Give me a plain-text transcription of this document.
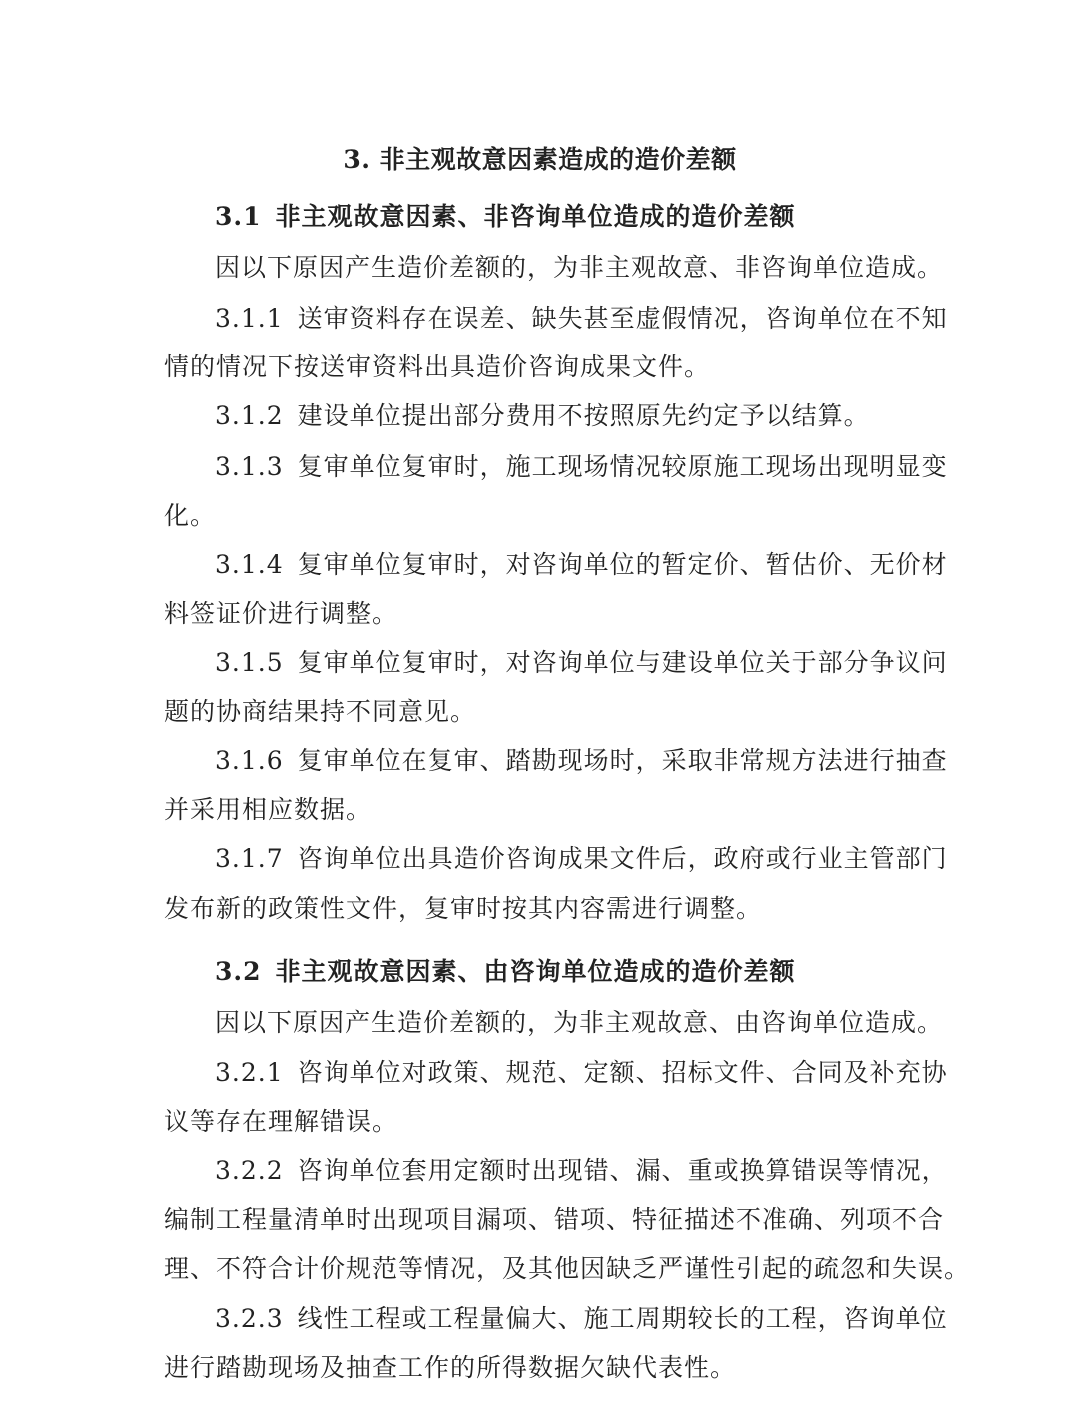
3. 非主观故意因素造成的造价差额
3.1 非主观故意因素、非咨询单位造成的造价差额
因以下原因产生造价差额的，为非主观故意、非咨询单位造成。
3.1.1 送审资料存在误差、缺失甚至虚假情况，咨询单位在不知
情的情况下按送审资料出具造价咨询成果文件。
3.1.2 建设单位提出部分费用不按照原先约定予以结算。
3.1.3 复审单位复审时，施工现场情况较原施工现场出现明显变
化。
3.1.4 复审单位复审时，对咨询单位的暂定价、暂估价、无价材
料签证价进行调整。
3.1.5 复审单位复审时，对咨询单位与建设单位关于部分争议问
题的协商结果持不同意见。
3.1.6 复审单位在复审、踏勘现场时，采取非常规方法进行抽查
并采用相应数据。
3.1.7 咨询单位出具造价咨询成果文件后，政府或行业主管部门
发布新的政策性文件，复审时按其内容需进行调整。
3.2 非主观故意因素、由咨询单位造成的造价差额
因以下原因产生造价差额的，为非主观故意、由咨询单位造成。
3.2.1 咨询单位对政策、规范、定额、招标文件、合同及补充协
议等存在理解错误。
3.2.2 咨询单位套用定额时出现错、漏、重或换算错误等情况，
编制工程量清单时出现项目漏项、错项、特征描述不准确、列项不合
理、不符合计价规范等情况，及其他因缺乏严谨性引起的疏忽和失误。
3.2.3 线性工程或工程量偏大、施工周期较长的工程，咨询单位
进行踏勘现场及抽查工作的所得数据欠缺代表性。
